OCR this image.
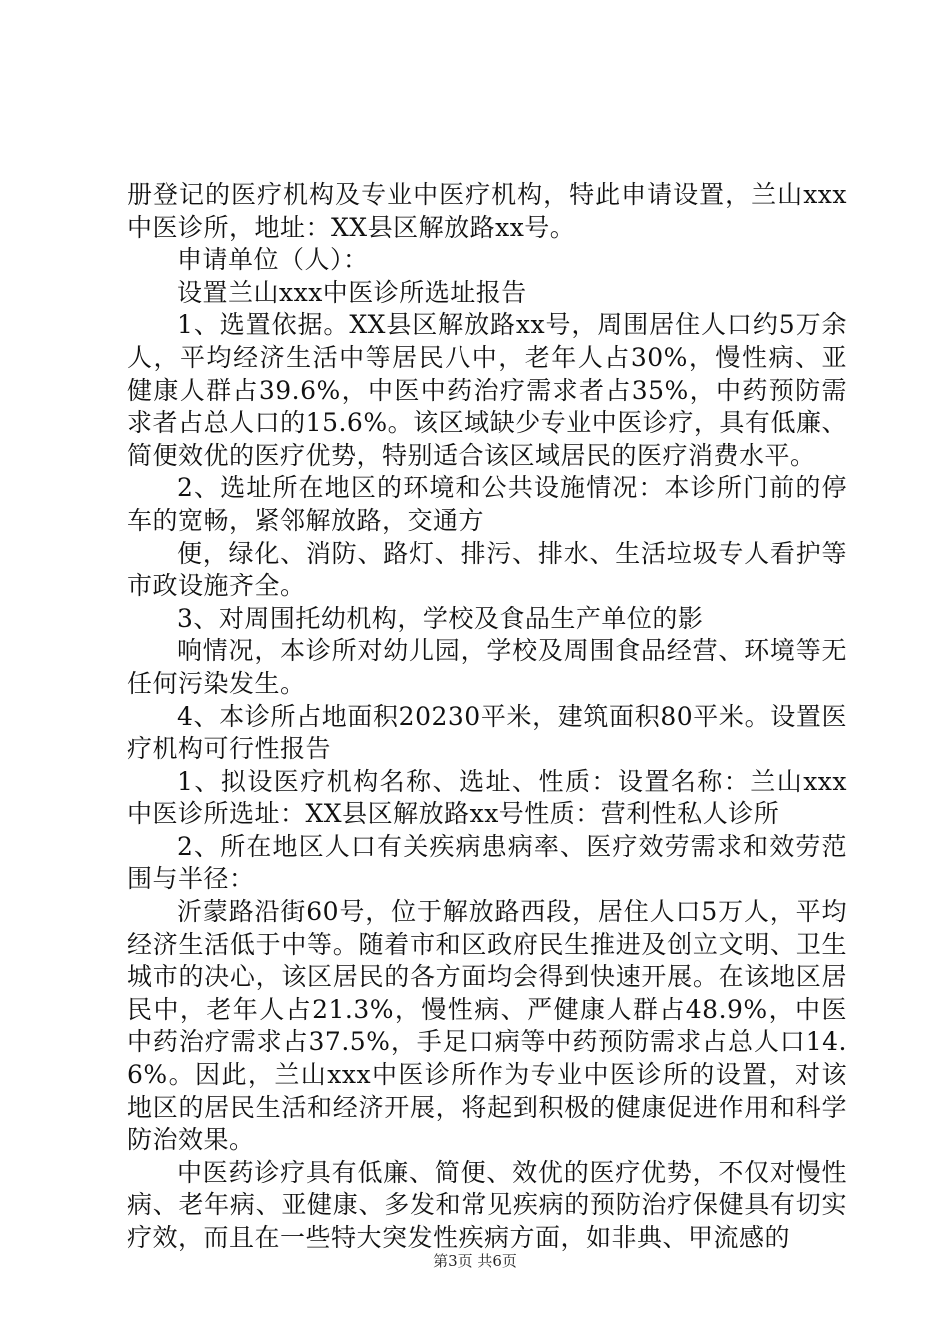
册登记的医疗机构及专业中医疗机构，特此申请设置，兰山xxx中医诊所，地址：XX县区解放路xx号。

申请单位（人）：

设置兰山xxx中医诊所选址报告

1、选置依据。XX县区解放路xx号，周围居住人口约5万余人，平均经济生活中等居民八中，老年人占30%，慢性病、亚健康人群占39.6%，中医中药治疗需求者占35%，中药预防需求者占总人口的15.6%。该区域缺少专业中医诊疗，具有低廉、简便效优的医疗优势，特别适合该区域居民的医疗消费水平。

2、选址所在地区的环境和公共设施情况：本诊所门前的停车的宽畅，紧邻解放路，交通方

便，绿化、消防、路灯、排污、排水、生活垃圾专人看护等市政设施齐全。

3、对周围托幼机构，学校及食品生产单位的影

响情况，本诊所对幼儿园，学校及周围食品经营、环境等无任何污染发生。

4、本诊所占地面积20230平米，建筑面积80平米。设置医疗机构可行性报告

1、拟设医疗机构名称、选址、性质：设置名称：兰山xxx中医诊所选址：XX县区解放路xx号性质：营利性私人诊所

2、所在地区人口有关疾病患病率、医疗效劳需求和效劳范围与半径：

沂蒙路沿街60号，位于解放路西段，居住人口5万人，平均经济生活低于中等。随着市和区政府民生推进及创立文明、卫生城市的决心，该区居民的各方面均会得到快速开展。在该地区居民中，老年人占21.3%，慢性病、严健康人群占48.9%，中医中药治疗需求占37.5%，手足口病等中药预防需求占总人口14.6%。因此，兰山xxx中医诊所作为专业中医诊所的设置，对该地区的居民生活和经济开展，将起到积极的健康促进作用和科学防治效果。

中医药诊疗具有低廉、简便、效优的医疗优势，不仅对慢性病、老年病、亚健康、多发和常见疾病的预防治疗保健具有切实疗效，而且在一些特大突发性疾病方面，如非典、甲流感的

第3页 共6页
